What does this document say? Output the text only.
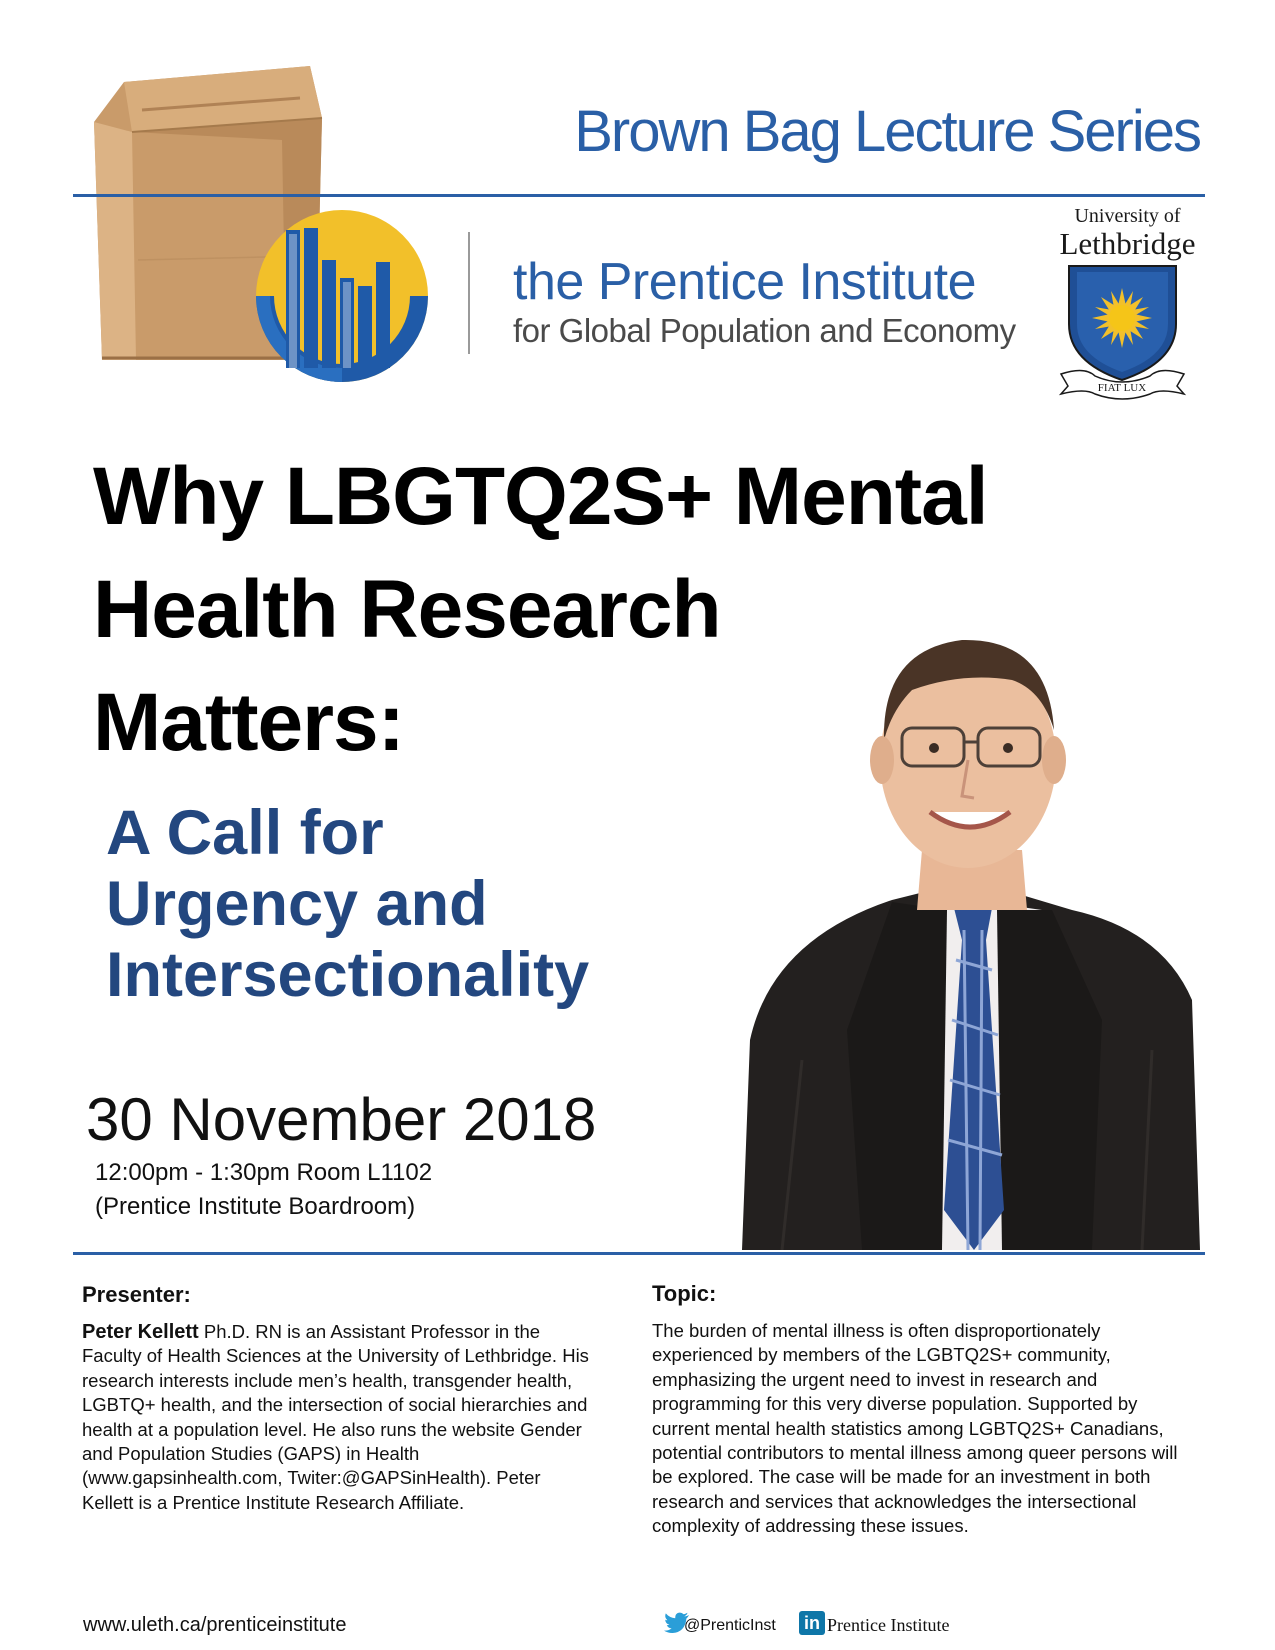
Brown Bag Lecture Series
the Prentice Institute
for Global Population and Economy
University of
Lethbridge
FIAT LUX
Why LBGTQ2S+ Mental
Health Research
Matters:
A Call for
Urgency and
Intersectionality
30 November 2018
12:00pm - 1:30pm Room L1102
(Prentice Institute Boardroom)
Presenter:
Peter Kellett Ph.D. RN is an Assistant Professor in the Faculty of Health Sciences at the University of Lethbridge. His research interests include men’s health, transgender health, LGBTQ+ health, and the intersection of social hierarchies and health at a population level. He also runs the website Gender and Population Studies (GAPS) in Health (www.gapsinhealth.com, Twiter:@GAPSinHealth). Peter Kellett is a Prentice Institute Research Affiliate.
Topic:
The burden of mental illness is often disproportionately experienced by members of the LGBTQ2S+ community, emphasizing the urgent need to invest in research and programming for this very diverse population. Supported by current mental health statistics among LGBTQ2S+ Canadians, potential contributors to mental illness among queer persons will be explored. The case will be made for an investment in both research and services that acknowledges the intersectional complexity of addressing these issues.
www.uleth.ca/prenticeinstitute	@PrenticInst in Prentice Institute
